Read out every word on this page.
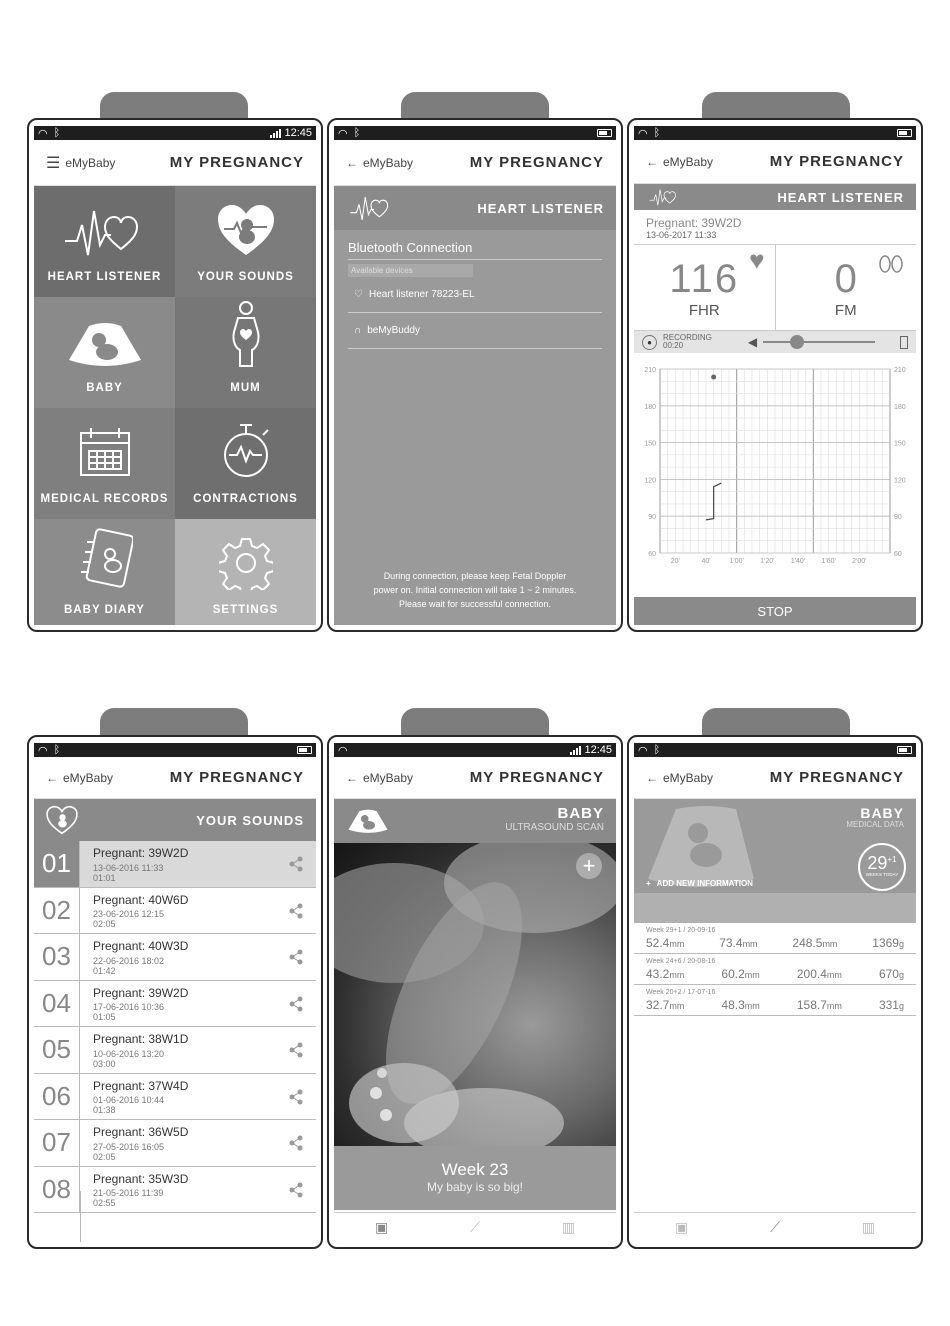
◠ ᛒ	12:45
☰ eMyBaby	MY PREGNANCY
HEART LISTENER	YOUR SOUNDS
BABY	MUM
MEDICAL RECORDS CONTRACTIONS
BABY DIARY	SETTINGS
◠ ᛒ
← eMyBaby	MY PREGNANCY
HEART LISTENER
Bluetooth Connection
Available devices
♡ Heart listener 78223-EL
∩ beMyBuddy
During connection, please keep Fetal Doppler
power on. Initial connection will take 1 ~ 2 minutes.
Please wait for successful connection.
◠ ᛒ
← eMyBaby	MY PREGNANCY
HEART LISTENER
Pregnant: 39W2D
13-06-2017 11:33
116
FHR
♥	0
FM
●	RECORDING
00:20	◀
210	210
180	180
150	150
120	120
90	90
60	60
20'	40'	1'00' 1'20' 1'40' 1'60' 2'00'
STOP
◠ ᛒ
← eMyBaby	MY PREGNANCY
YOUR SOUNDS
01	Pregnant: 39W2D
13-06-2016 11:33
01:01
02	Pregnant: 40W6D
23-06-2016 12:15
02:05
03	Pregnant: 40W3D
22-06-2016 18:02
01:42
04	Pregnant: 39W2D
17-06-2016 10:36
01:05
05	Pregnant: 38W1D
10-06-2016 13:20
03:00
06	Pregnant: 37W4D
01-06-2016 10:44
01:38
07	Pregnant: 36W5D
27-05-2016 16:05
02:05
08	Pregnant: 35W3D
21-05-2016 11:39
02:55
◠	12:45
← eMyBaby	MY PREGNANCY
BABY
ULTRASOUND SCAN
+
Week 23
My baby is so big!
▣	⟋	▥
◠ ᛒ
← eMyBaby	MY PREGNANCY
BABY
MEDICAL DATA
$29^{+1}$
WEEKS TODAY
+ ADD NEW INFORMATION
Week 29+1 / 20-09-16
52.4mm	73.4mm	248.5mm	1369g
Week 24+6 / 20-08-16
43.2mm	60.2mm	200.4mm	670g
Week 20+2 / 17-07-16
32.7mm	48.3mm	158.7mm	331g
▣	⟋	▥
